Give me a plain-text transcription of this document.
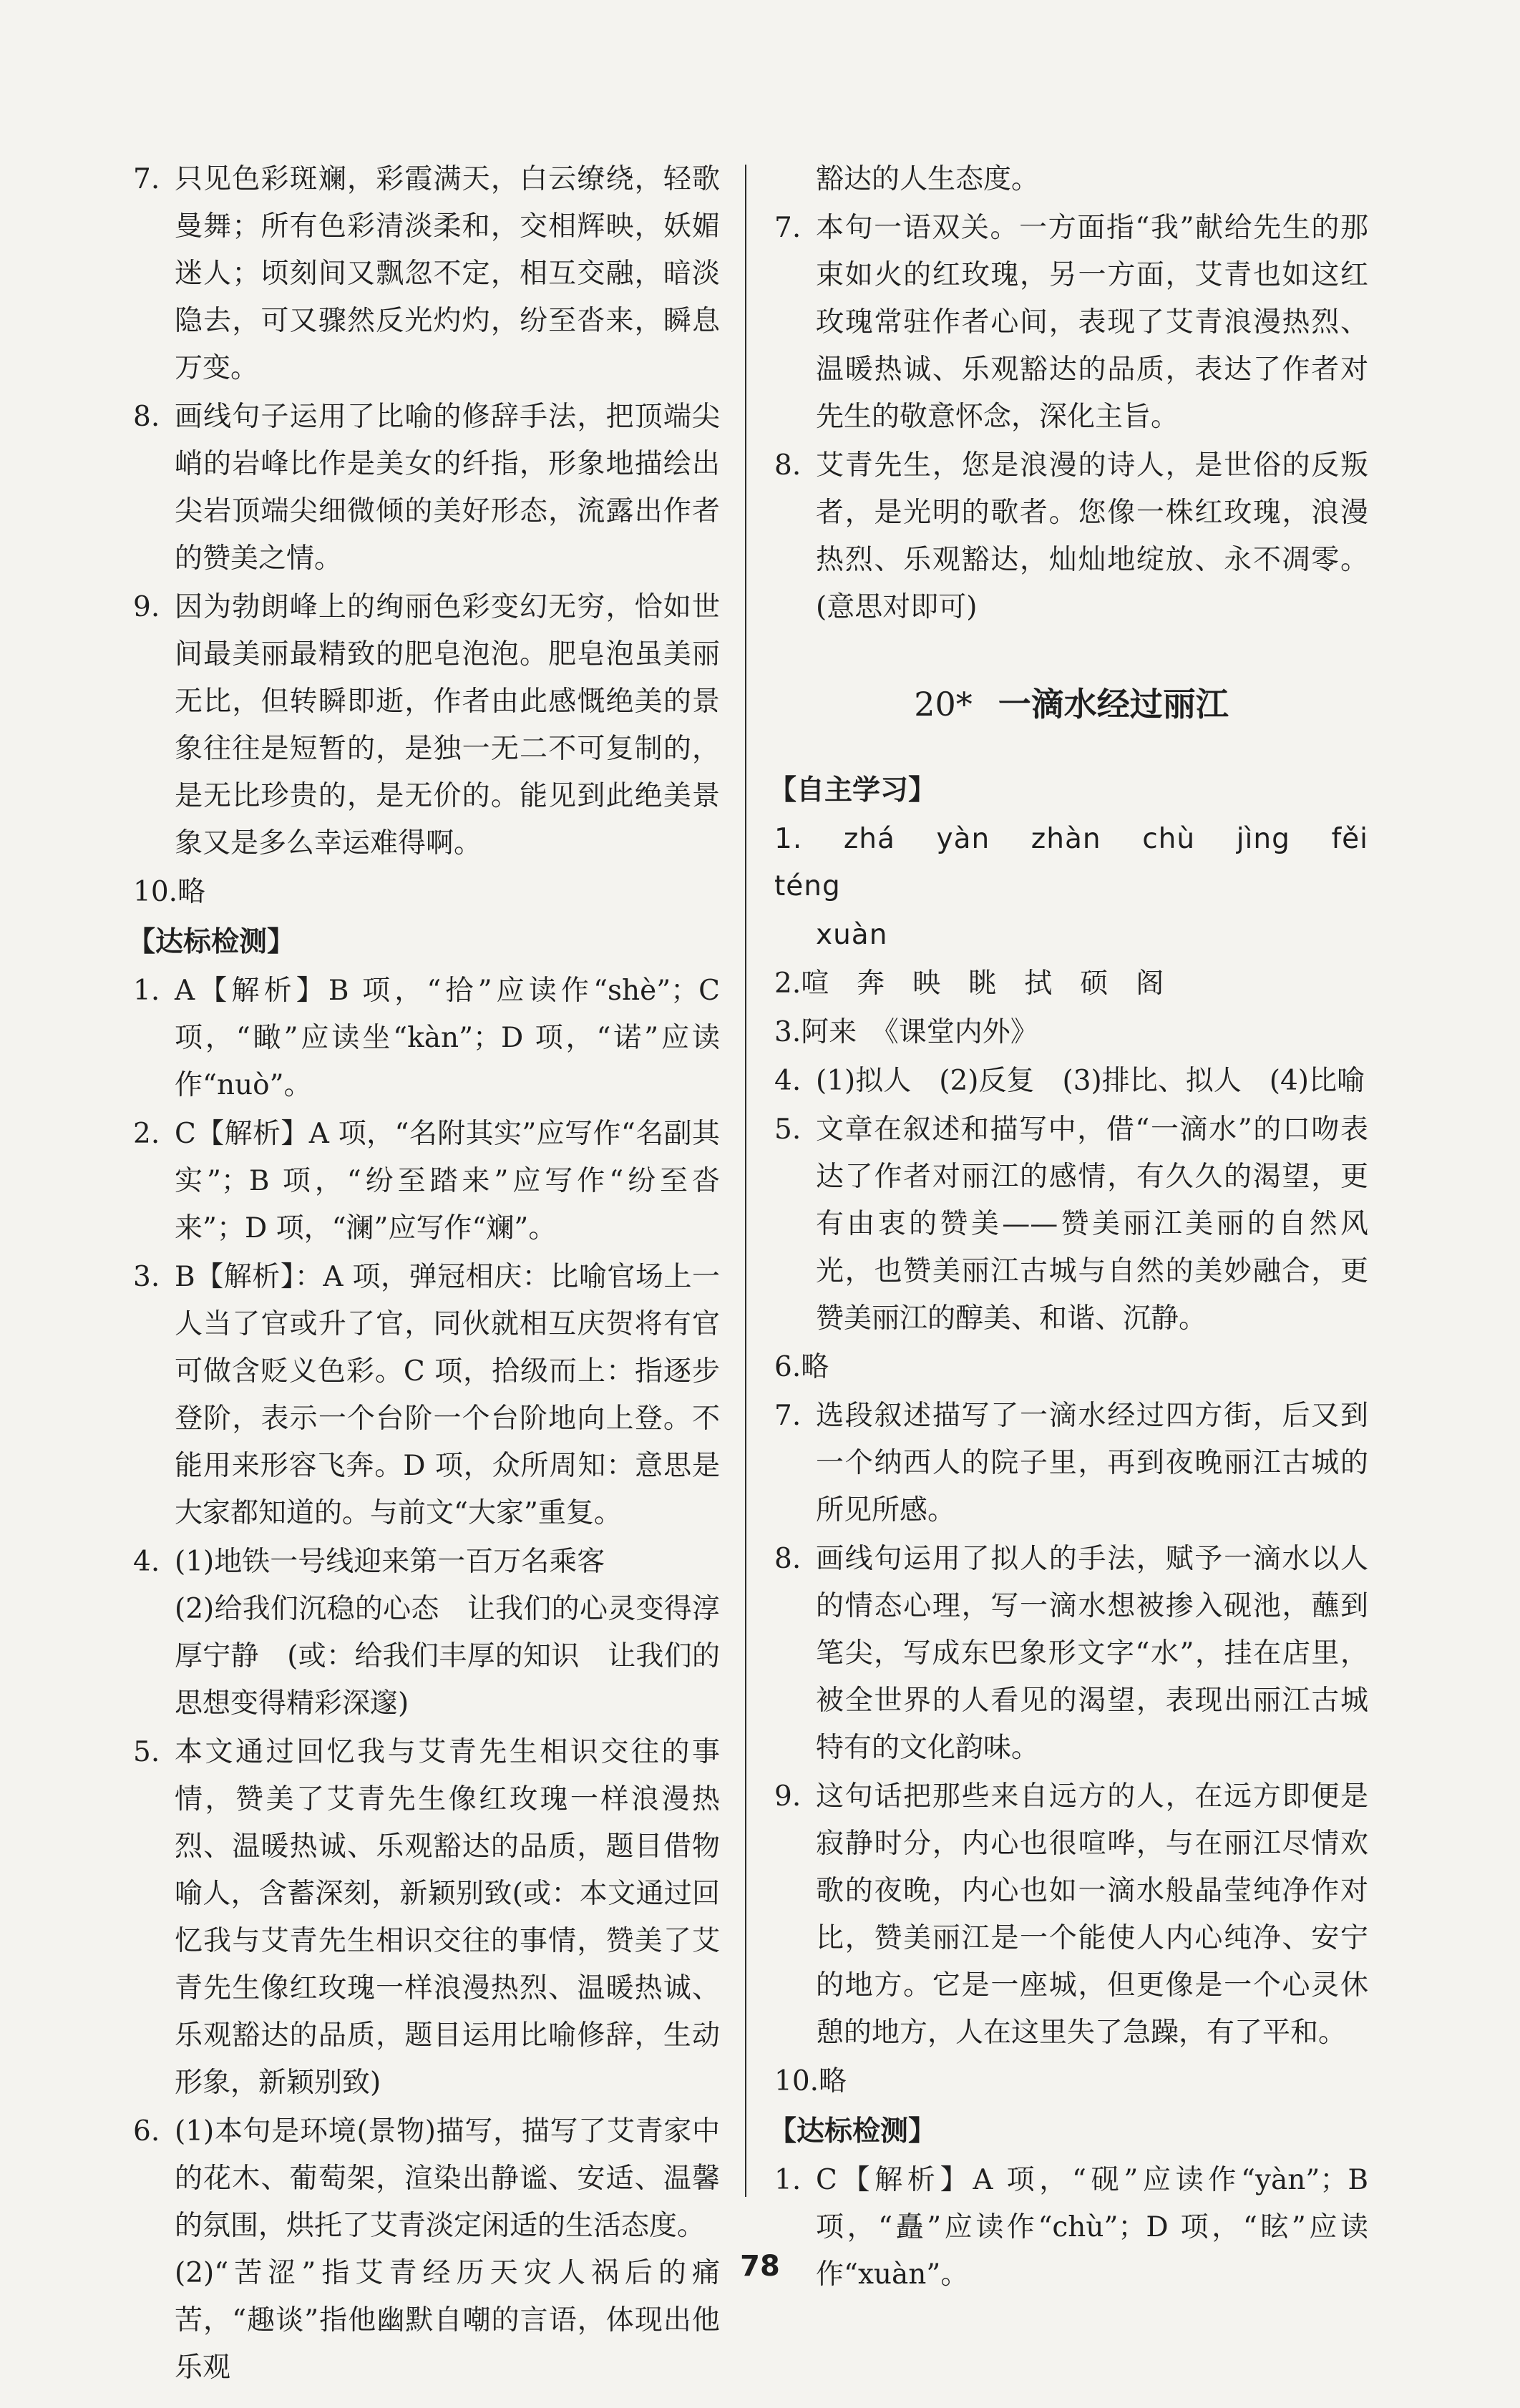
7. 只见色彩斑斓，彩霞满天，白云缭绕，轻歌曼舞；所有色彩清淡柔和，交相辉映，妖媚迷人；顷刻间又飘忽不定，相互交融，暗淡隐去，可又骤然反光灼灼，纷至沓来，瞬息万变。
8. 画线句子运用了比喻的修辞手法，把顶端尖峭的岩峰比作是美女的纤指，形象地描绘出尖岩顶端尖细微倾的美好形态，流露出作者的赞美之情。
9. 因为勃朗峰上的绚丽色彩变幻无穷，恰如世间最美丽最精致的肥皂泡泡。肥皂泡虽美丽无比，但转瞬即逝，作者由此感慨绝美的景象往往是短暂的，是独一无二不可复制的，是无比珍贵的，是无价的。能见到此绝美景象又是多么幸运难得啊。
10.略
【达标检测】
1. A【解析】B 项，“拾”应读作“shè”；C 项，“瞰”应读坐“kàn”；D 项，“诺”应读作“nuò”。
2. C【解析】A 项，“名附其实”应写作“名副其实”；B 项，“纷至踏来”应写作“纷至沓来”；D 项，“澜”应写作“斓”。
3. B【解析】：A 项，弹冠相庆：比喻官场上一人当了官或升了官，同伙就相互庆贺将有官可做含贬义色彩。C 项，拾级而上：指逐步登阶，表示一个台阶一个台阶地向上登。不能用来形容飞奔。D 项，众所周知：意思是大家都知道的。与前文“大家”重复。
4. (1)地铁一号线迎来第一百万名乘客
(2)给我们沉稳的心态　让我们的心灵变得淳厚宁静　(或：给我们丰厚的知识　让我们的思想变得精彩深邃)
5. 本文通过回忆我与艾青先生相识交往的事情，赞美了艾青先生像红玫瑰一样浪漫热烈、温暖热诚、乐观豁达的品质，题目借物喻人，含蓄深刻，新颖别致(或：本文通过回忆我与艾青先生相识交往的事情，赞美了艾青先生像红玫瑰一样浪漫热烈、温暖热诚、乐观豁达的品质，题目运用比喻修辞，生动形象，新颖别致)
6. (1)本句是环境(景物)描写，描写了艾青家中的花木、葡萄架，渲染出静谧、安适、温馨的氛围，烘托了艾青淡定闲适的生活态度。
(2)“苦涩”指艾青经历天灾人祸后的痛苦，“趣谈”指他幽默自嘲的言语，体现出他乐观
豁达的人生态度。
7. 本句一语双关。一方面指“我”献给先生的那束如火的红玫瑰，另一方面，艾青也如这红玫瑰常驻作者心间，表现了艾青浪漫热烈、温暖热诚、乐观豁达的品质，表达了作者对先生的敬意怀念，深化主旨。
8. 艾青先生，您是浪漫的诗人，是世俗的反叛者，是光明的歌者。您像一株红玫瑰，浪漫热烈、乐观豁达，灿灿地绽放、永不凋零。(意思对即可)
20* 一滴水经过丽江
【自主学习】
1. zhá yàn zhàn chù jìng fěi téng
xuàn
2.喧　奔　映　眺　拭　硕　阁
3.阿来　《课堂内外》
4. (1)拟人　(2)反复　(3)排比、拟人　(4)比喻
5. 文章在叙述和描写中，借“一滴水”的口吻表达了作者对丽江的感情，有久久的渴望，更有由衷的赞美——赞美丽江美丽的自然风光，也赞美丽江古城与自然的美妙融合，更赞美丽江的醇美、和谐、沉静。
6.略
7. 选段叙述描写了一滴水经过四方街，后又到一个纳西人的院子里，再到夜晚丽江古城的所见所感。
8. 画线句运用了拟人的手法，赋予一滴水以人的情态心理，写一滴水想被掺入砚池，蘸到笔尖，写成东巴象形文字“水”，挂在店里，被全世界的人看见的渴望，表现出丽江古城特有的文化韵味。
9. 这句话把那些来自远方的人，在远方即便是寂静时分，内心也很喧哗，与在丽江尽情欢歌的夜晚，内心也如一滴水般晶莹纯净作对比，赞美丽江是一个能使人内心纯净、安宁的地方。它是一座城，但更像是一个心灵休憩的地方，人在这里失了急躁，有了平和。
10.略
【达标检测】
1. C【解析】A 项，“砚”应读作“yàn”；B 项，“矗”应读作“chù”；D 项，“眩”应读作“xuàn”。
78
